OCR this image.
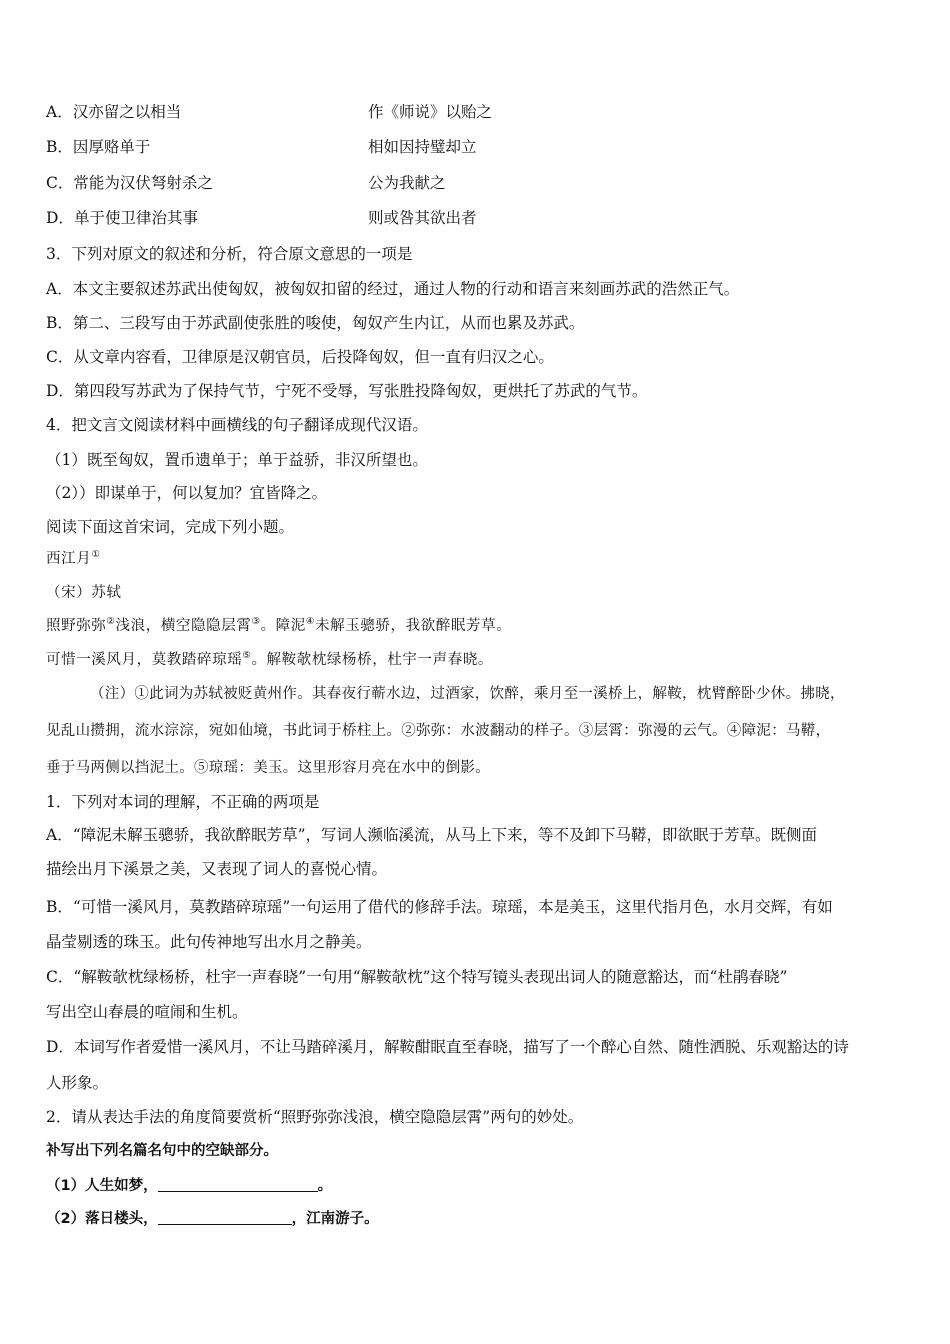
A．汉亦留之以相当	作《师说》以贻之
B．因厚赂单于	相如因持璧却立
C．常能为汉伏弩射杀之	公为我献之
D．单于使卫律治其事	则或咎其欲出者
3．下列对原文的叙述和分析，符合原文意思的一项是
A．本文主要叙述苏武出使匈奴，被匈奴扣留的经过，通过人物的行动和语言来刻画苏武的浩然正气。
B．第二、三段写由于苏武副使张胜的唆使，匈奴产生内讧，从而也累及苏武。
C．从文章内容看，卫律原是汉朝官员，后投降匈奴，但一直有归汉之心。
D．第四段写苏武为了保持气节，宁死不受辱，写张胜投降匈奴，更烘托了苏武的气节。
4．把文言文阅读材料中画横线的句子翻译成现代汉语。
（1）既至匈奴，置币遗单于；单于益骄，非汉所望也。
（2））即谋单于，何以复加？宜皆降之。
阅读下面这首宋词，完成下列小题。
西江月①
（宋）苏轼
照野弥弥②浅浪，横空隐隐层霄③。障泥④未解玉骢骄，我欲醉眠芳草。
可惜一溪风月，莫教踏碎琼瑶⑤。解鞍欹枕绿杨桥，杜宇一声春晓。
（注）①此词为苏轼被贬黄州作。其春夜行蕲水边，过酒家，饮醉，乘月至一溪桥上，解鞍，枕臂醉卧少休。拂晓，
见乱山攒拥，流水淙淙，宛如仙境，书此词于桥柱上。②弥弥：水波翻动的样子。③层霄：弥漫的云气。④障泥：马鞯，
垂于马两侧以挡泥土。⑤琼瑶：美玉。这里形容月亮在水中的倒影。
1．下列对本词的理解，不正确的两项是
A．“障泥未解玉骢骄，我欲醉眠芳草”，写词人濒临溪流，从马上下来，等不及卸下马鞯，即欲眠于芳草。既侧面
描绘出月下溪景之美，又表现了词人的喜悦心情。
B．“可惜一溪风月，莫教踏碎琼瑶”一句运用了借代的修辞手法。琼瑶，本是美玉，这里代指月色，水月交辉，有如
晶莹剔透的珠玉。此句传神地写出水月之静美。
C．“解鞍欹枕绿杨桥，杜宇一声春晓”一句用“解鞍欹枕”这个特写镜头表现出词人的随意豁达，而“杜鹃春晓”
写出空山春晨的喧闹和生机。
D．本词写作者爱惜一溪风月，不让马踏碎溪月，解鞍酣眠直至春晓，描写了一个醉心自然、随性洒脱、乐观豁达的诗
人形象。
2．请从表达手法的角度简要赏析“照野弥弥浅浪，横空隐隐层霄”两句的妙处。
补写出下列名篇名句中的空缺部分。
（1）人生如梦，	。
（2）落日楼头，	，江南游子。
